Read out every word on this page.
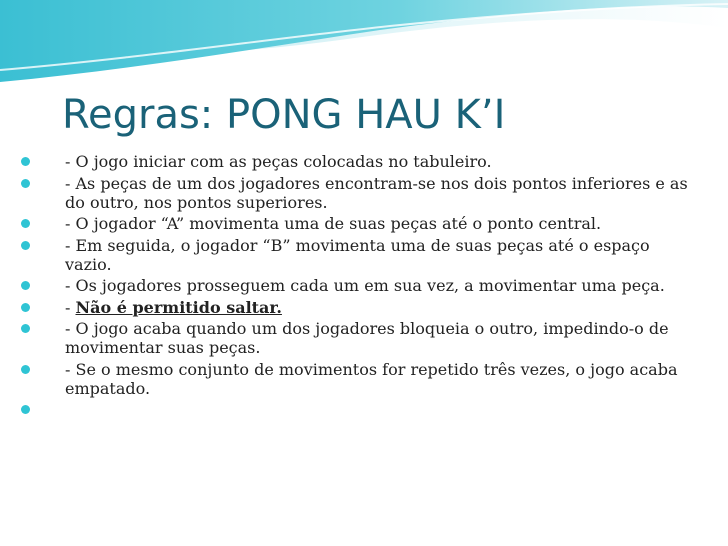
Regras: PONG HAU K’I
- O jogo iniciar com as peças colocadas no tabuleiro.
- As peças de um dos jogadores encontram-se nos dois pontos inferiores e as do outro, nos pontos superiores.
- O jogador “A” movimenta uma de suas peças até o ponto central.
- Em seguida, o jogador “B” movimenta uma de suas peças até o espaço vazio.
- Os jogadores prosseguem cada um em sua vez, a movimentar uma peça.
- Não é permitido saltar.
- O jogo acaba quando um dos jogadores bloqueia o outro, impedindo-o de movimentar suas peças.
- Se o mesmo conjunto de movimentos for repetido três vezes, o jogo acaba empatado.
